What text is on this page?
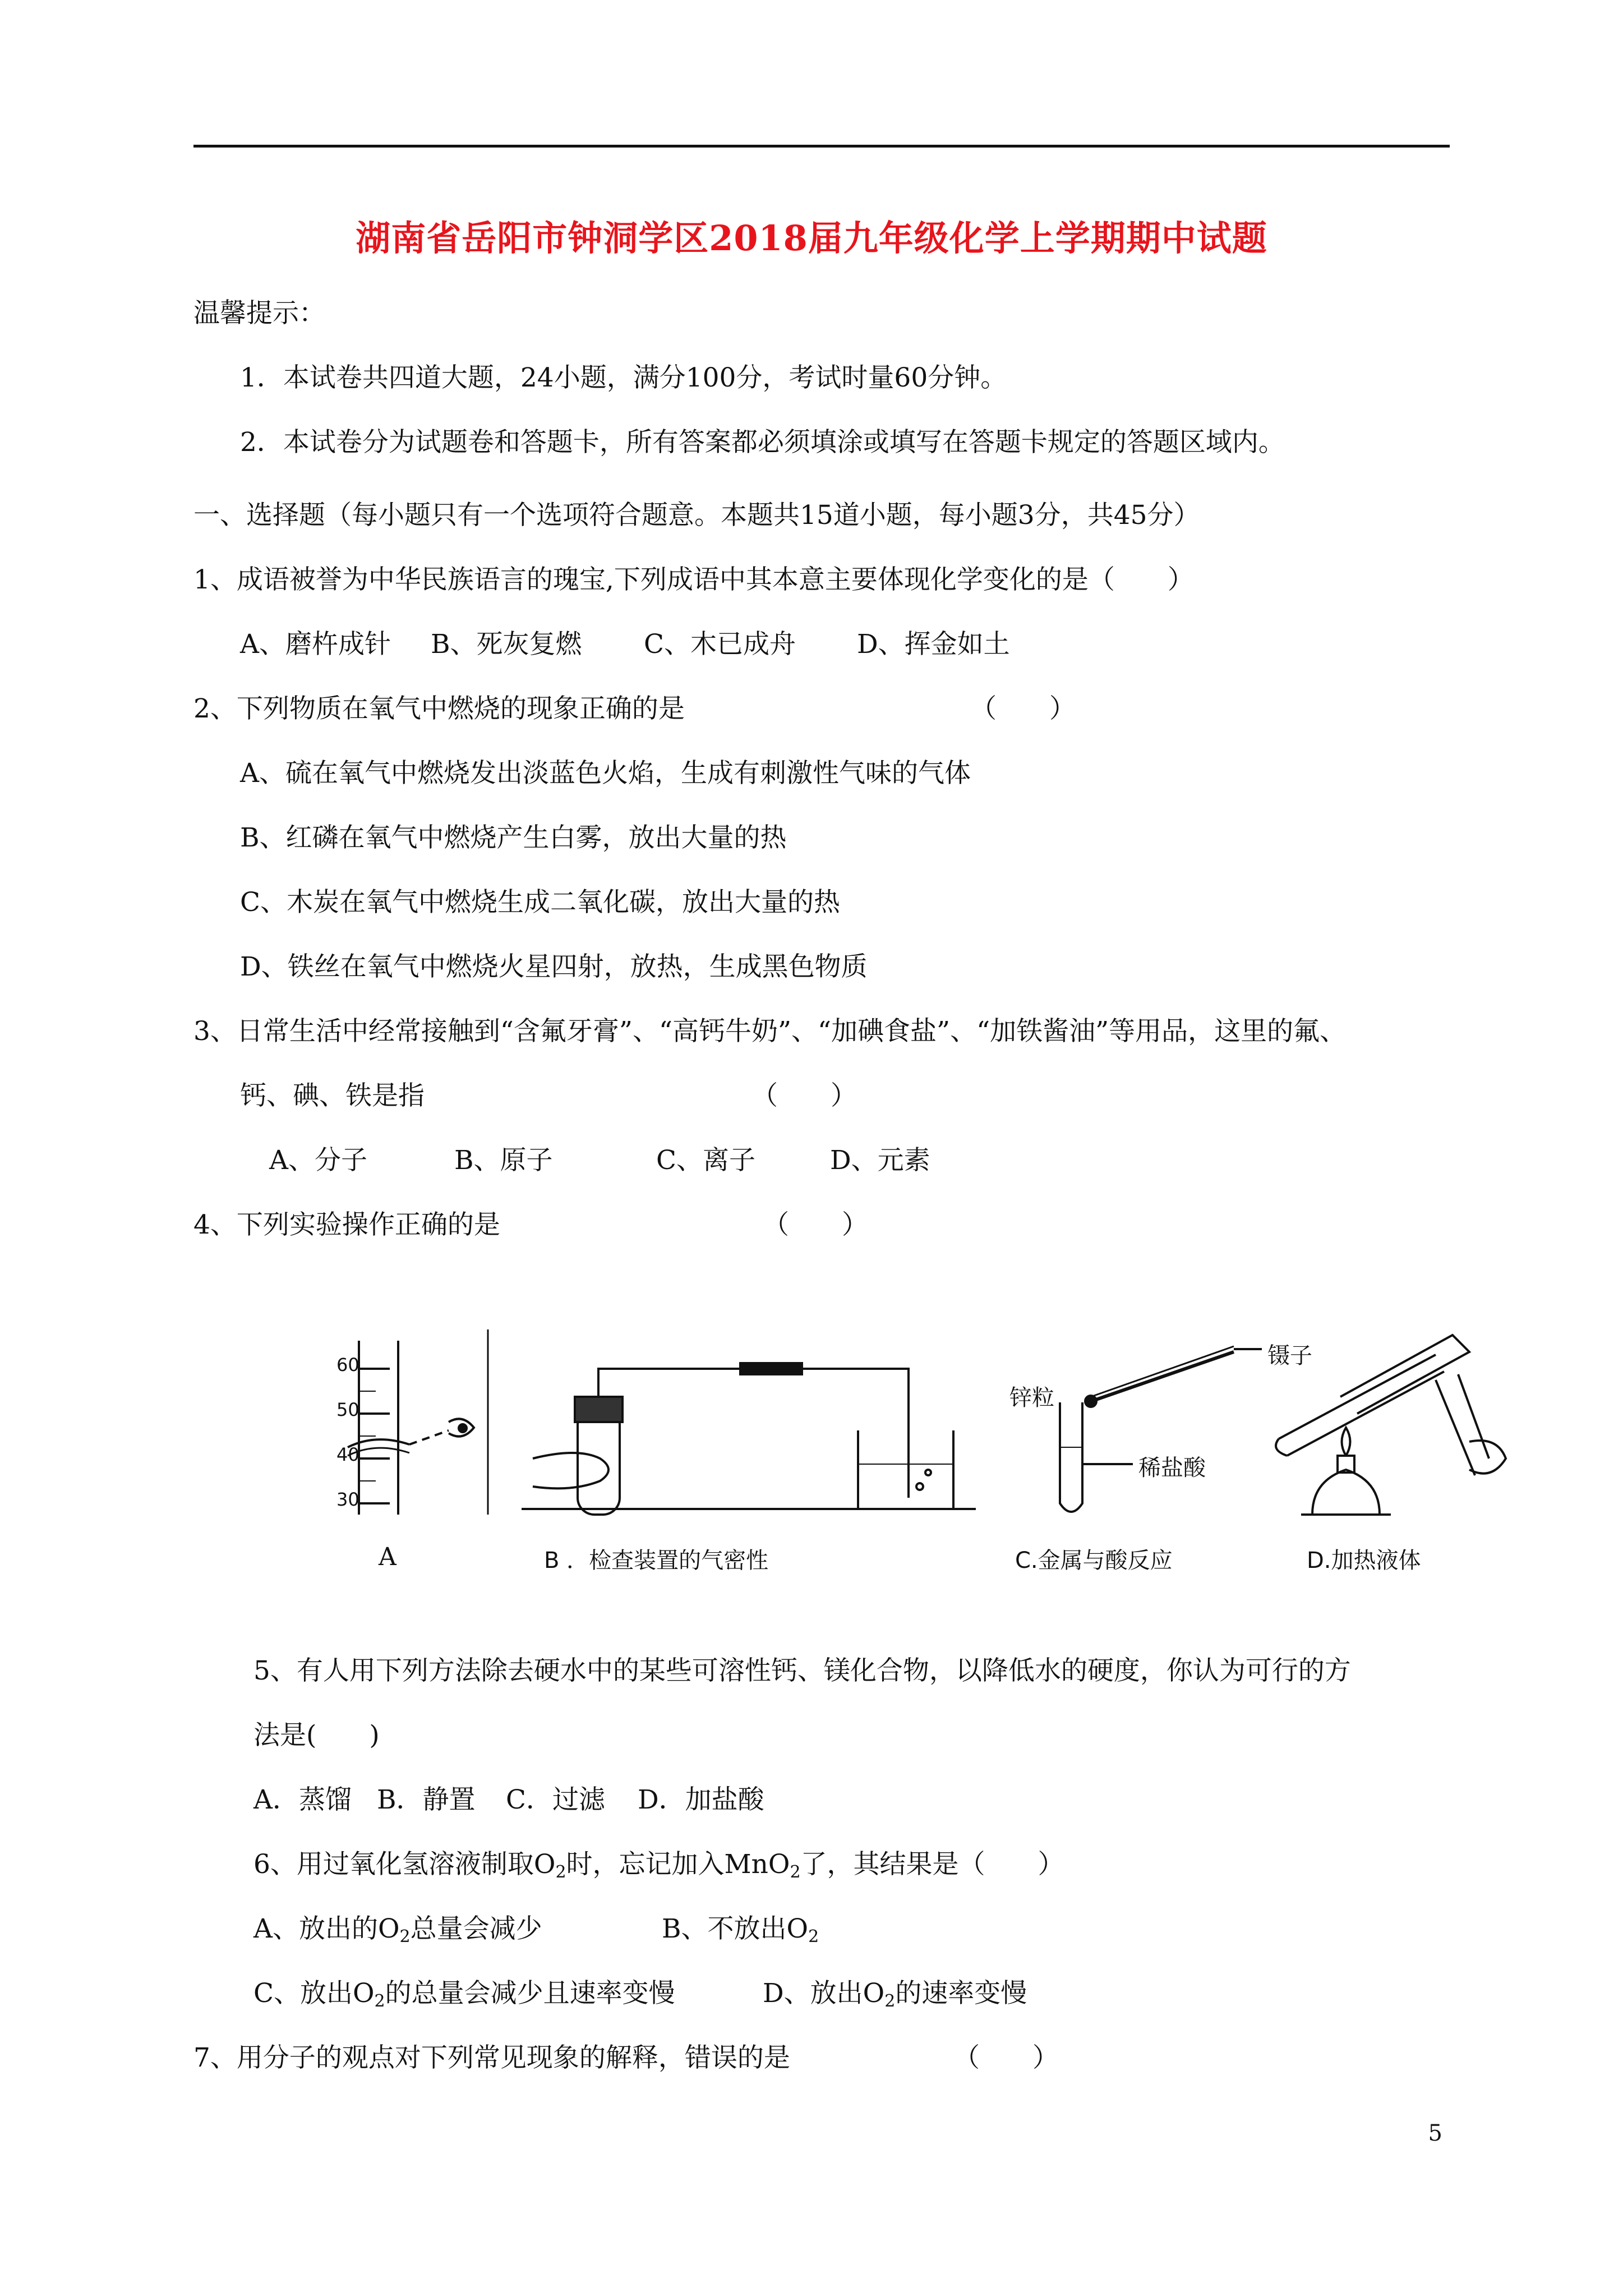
湖南省岳阳市钟洞学区2018届九年级化学上学期期中试题
温馨提示：
1．本试卷共四道大题，24小题，满分100分，考试时量60分钟。
2．本试卷分为试题卷和答题卡，所有答案都必须填涂或填写在答题卡规定的答题区域内。
一、选择题（每小题只有一个选项符合题意。本题共15道小题，每小题3分，共45分）
1、成语被誉为中华民族语言的瑰宝,下列成语中其本意主要体现化学变化的是（　　）
A、磨杵成针 B、死灰复燃 C、木已成舟 D、挥金如土
2、下列物质在氧气中燃烧的现象正确的是	（　　）
A、硫在氧气中燃烧发出淡蓝色火焰，生成有刺激性气味的气体
B、红磷在氧气中燃烧产生白雾，放出大量的热
C、木炭在氧气中燃烧生成二氧化碳，放出大量的热
D、铁丝在氧气中燃烧火星四射，放热，生成黑色物质
3、日常生活中经常接触到“含氟牙膏”、“高钙牛奶”、“加碘食盐”、“加铁酱油”等用品，这里的氟、
钙、碘、铁是指	（　　）
A、分子	B、原子	C、离子	D、元素
4、下列实验操作正确的是	（　　）
60
50
40
30
锌粒
镊子
稀盐酸
A	B ．检查装置的气密性	C.金属与酸反应	D.加热液体
5、有人用下列方法除去硬水中的某些可溶性钙、镁化合物，以降低水的硬度，你认为可行的方
法是(　　)
A．蒸馏 B．静置 C．过滤 D．加盐酸
6、用过氧化氢溶液制取$O_2$时，忘记加入MnO$_2$了，其结果是（　　）
A、放出的$O_2$总量会减少	B、不放出$O_2$
C、放出$O_2$的总量会减少且速率变慢	D、放出$O_2$的速率变慢
7、用分子的观点对下列常见现象的解释，错误的是	（　　）
5
